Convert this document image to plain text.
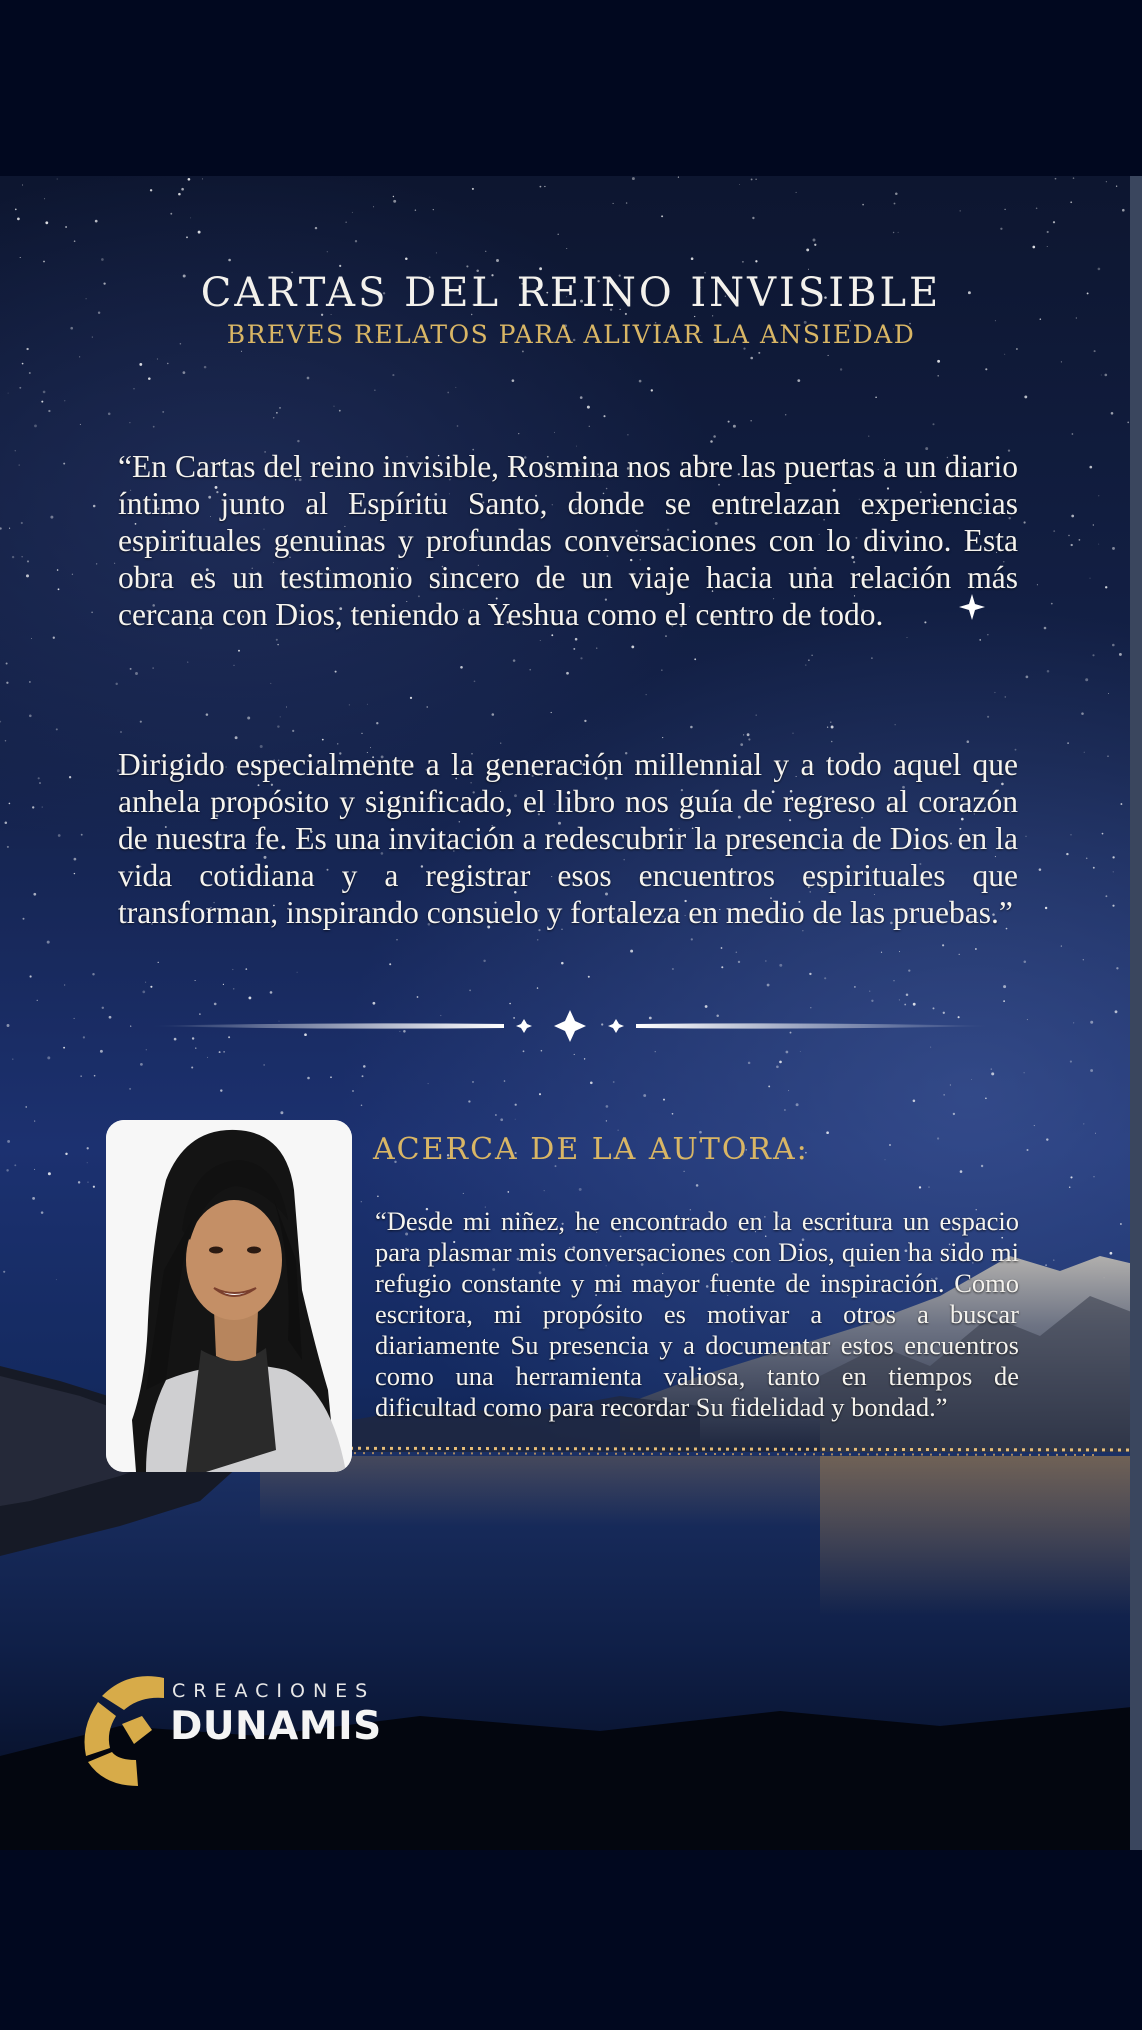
CARTAS DEL REINO INVISIBLE

BREVES RELATOS PARA ALIVIAR LA ANSIEDAD

“En Cartas del reino invisible, Rosmina nos abre las puertas a un diario íntimo junto al Espíritu Santo, donde se entrelazan experiencias espirituales genuinas y profundas conversaciones con lo divino. Esta obra es un testimonio sincero de un viaje hacia una relación más cercana con Dios, teniendo a Yeshua como el centro de todo.

Dirigido especialmente a la generación millennial y a todo aquel que anhela propósito y significado, el libro nos guía de regreso al corazón de nuestra fe. Es una invitación a redescubrir la presencia de Dios en la vida cotidiana y a registrar esos encuentros espirituales que transforman, inspirando consuelo y fortaleza en medio de las pruebas.”

ACERCA DE LA AUTORA:

“Desde mi niñez, he encontrado en la escritura un espacio para plasmar mis conversaciones con Dios, quien ha sido mi refugio constante y mi mayor fuente de inspiración. Como escritora, mi propósito es motivar a otros a buscar diariamente Su presencia y a documentar estos encuentros como una herramienta valiosa, tanto en tiempos de dificultad como para recordar Su fidelidad y bondad.”

CREACIONES

DUNAMIS
